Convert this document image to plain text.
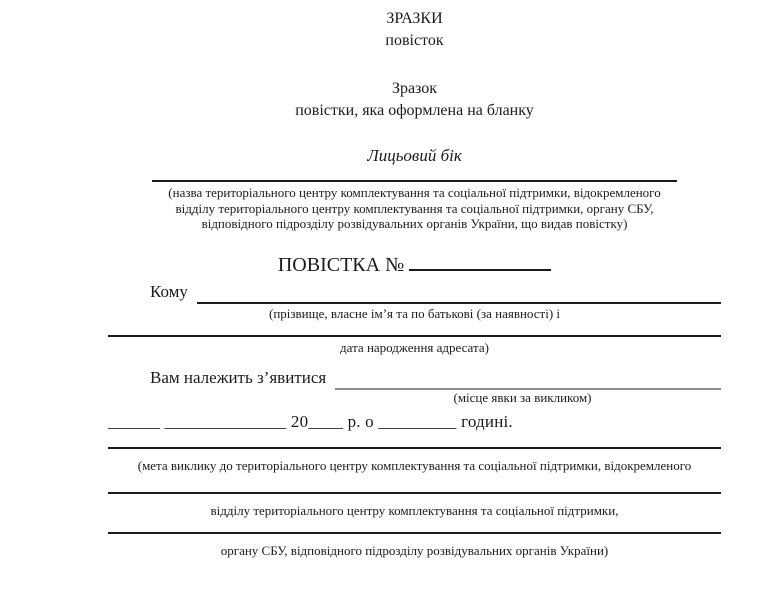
ЗРАЗКИ
повісток
Зразок
повістки, яка оформлена на бланку
Лицьовий бік
(назва територіального центру комплектування та соціальної підтримки, відокремленого
відділу територіального центру комплектування та соціальної підтримки, органу СБУ,
відповідного підрозділу розвідувальних органів України, що видав повістку)
ПОВІСТКА №
Кому
(прізвище, власне ім’я та по батькові (за наявності) і
дата народження адресата)
Вам належить з’явитися
(місце явки за викликом)
______ ______________ 20____ р. о _________ годині.
(мета виклику до територіального центру комплектування та соціальної підтримки, відокремленого
відділу територіального центру комплектування та соціальної підтримки,
органу СБУ, відповідного підрозділу розвідувальних органів України)
